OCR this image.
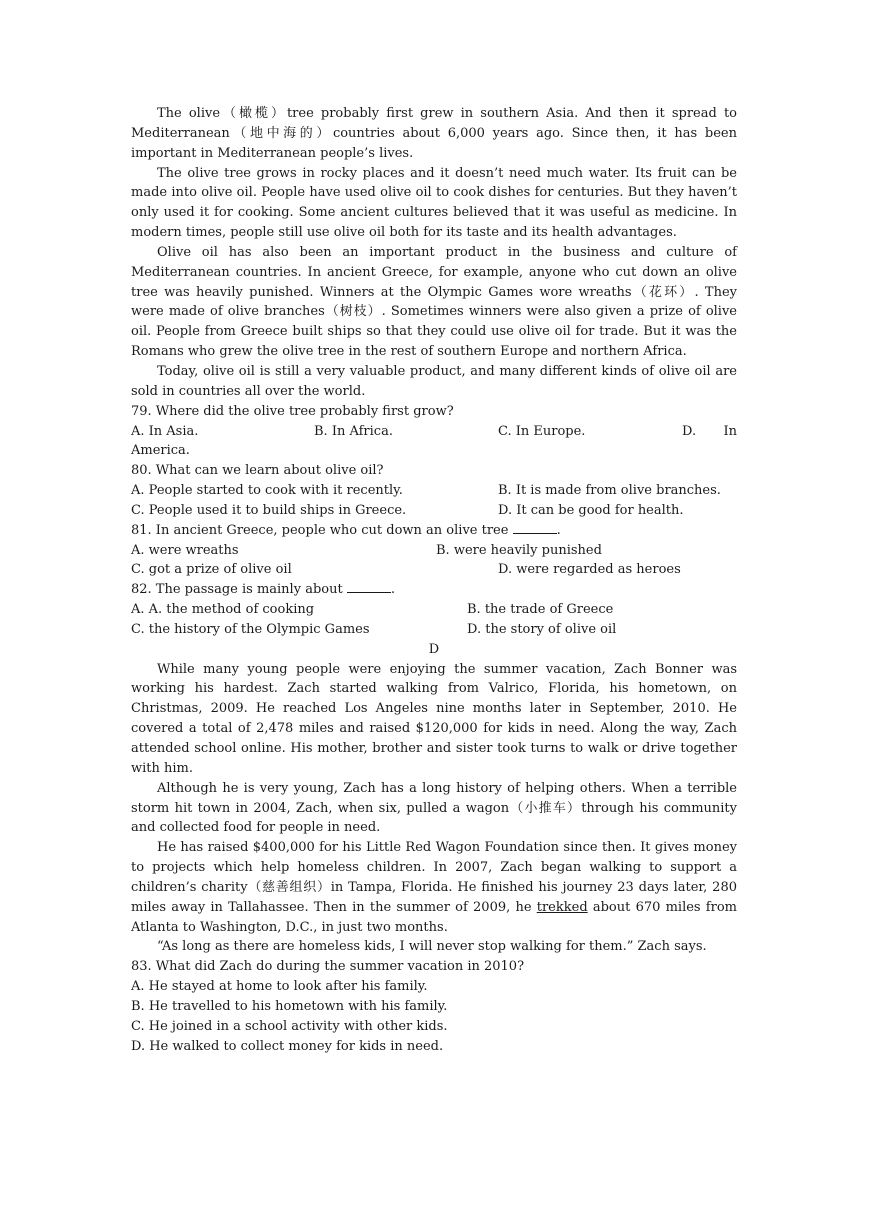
The olive（橄榄）tree probably first grew in southern Asia. And then it spread to Mediterranean（地中海的）countries about 6,000 years ago. Since then, it has been important in Mediterranean people’s lives.

The olive tree grows in rocky places and it doesn’t need much water. Its fruit can be made into olive oil. People have used olive oil to cook dishes for centuries. But they haven’t only used it for cooking. Some ancient cultures believed that it was useful as medicine. In modern times, people still use olive oil both for its taste and its health advantages.

Olive oil has also been an important product in the business and culture of Mediterranean countries. In ancient Greece, for example, anyone who cut down an olive tree was heavily punished. Winners at the Olympic Games wore wreaths（花环）. They were made of olive branches（树枝）. Sometimes winners were also given a prize of olive oil. People from Greece built ships so that they could use olive oil for trade. But it was the Romans who grew the olive tree in the rest of southern Europe and northern Africa.

Today, olive oil is still a very valuable product, and many different kinds of olive oil are sold in countries all over the world.

79. Where did the olive tree probably first grow?

A. In Asia.	B. In Africa.	C. In Europe.	D. In

America.

80. What can we learn about olive oil?

A. People started to cook with it recently.	B. It is made from olive branches.
C. People used it to build ships in Greece.	D. It can be good for health.

81. In ancient Greece, people who cut down an olive tree	.

A. were wreaths	B. were heavily punished
C. got a prize of olive oil	D. were regarded as heroes

82. The passage is mainly about	.

A. A. the method of cooking	B. the trade of Greece
C. the history of the Olympic Games	D. the story of olive oil

D

While many young people were enjoying the summer vacation, Zach Bonner was working his hardest. Zach started walking from Valrico, Florida, his hometown, on Christmas, 2009. He reached Los Angeles nine months later in September, 2010. He covered a total of 2,478 miles and raised $120,000 for kids in need. Along the way, Zach attended school online. His mother, brother and sister took turns to walk or drive together with him.

Although he is very young, Zach has a long history of helping others. When a terrible storm hit town in 2004, Zach, when six, pulled a wagon（小推车）through his community and collected food for people in need.

He has raised $400,000 for his Little Red Wagon Foundation since then. It gives money to projects which help homeless children. In 2007, Zach began walking to support a children’s charity（慈善组织）in Tampa, Florida. He finished his journey 23 days later, 280 miles away in Tallahassee. Then in the summer of 2009, he trekked about 670 miles from Atlanta to Washington, D.C., in just two months.

“As long as there are homeless kids, I will never stop walking for them.” Zach says.

83. What did Zach do during the summer vacation in 2010?

A. He stayed at home to look after his family.

B. He travelled to his hometown with his family.

C. He joined in a school activity with other kids.

D. He walked to collect money for kids in need.
